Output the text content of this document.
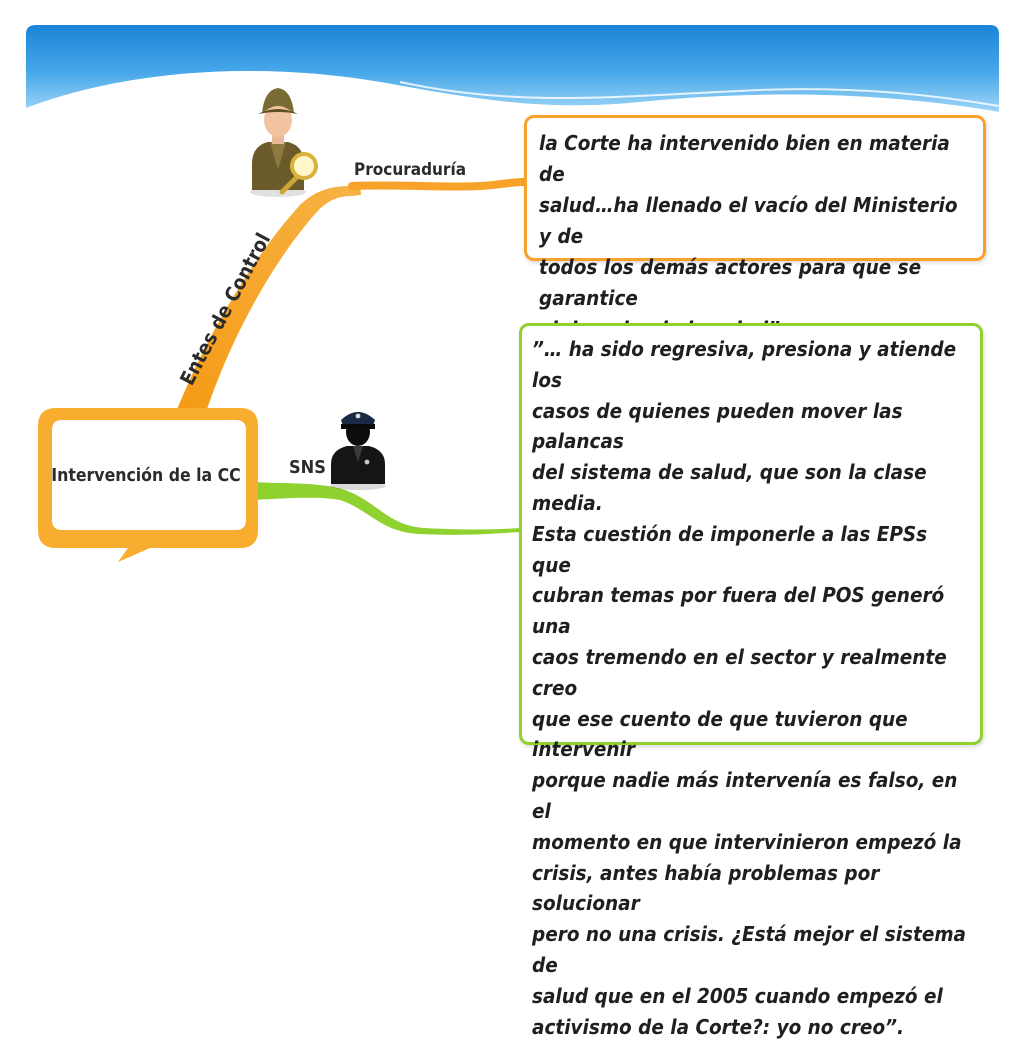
Entes de Control
Procuraduría
SNS
Intervención de la CC
la Corte ha intervenido bien en materia de
salud…ha llenado el vacío del Ministerio y de
todos los demás actores para que se garantice
”… ha sido regresiva, presiona y atiende los
casos de quienes pueden mover las palancas
del sistema de salud, que son la clase media.
Esta cuestión de imponerle a las EPSs que
cubran temas por fuera del POS generó una
caos tremendo en el sector y realmente creo
que ese cuento de que tuvieron que intervenir
porque nadie más intervenía es falso, en el
momento en que intervinieron empezó la
crisis, antes había problemas por solucionar
pero no una crisis. ¿Está mejor el sistema de
salud que en el 2005 cuando empezó el
activismo de la Corte?: yo no creo”.
